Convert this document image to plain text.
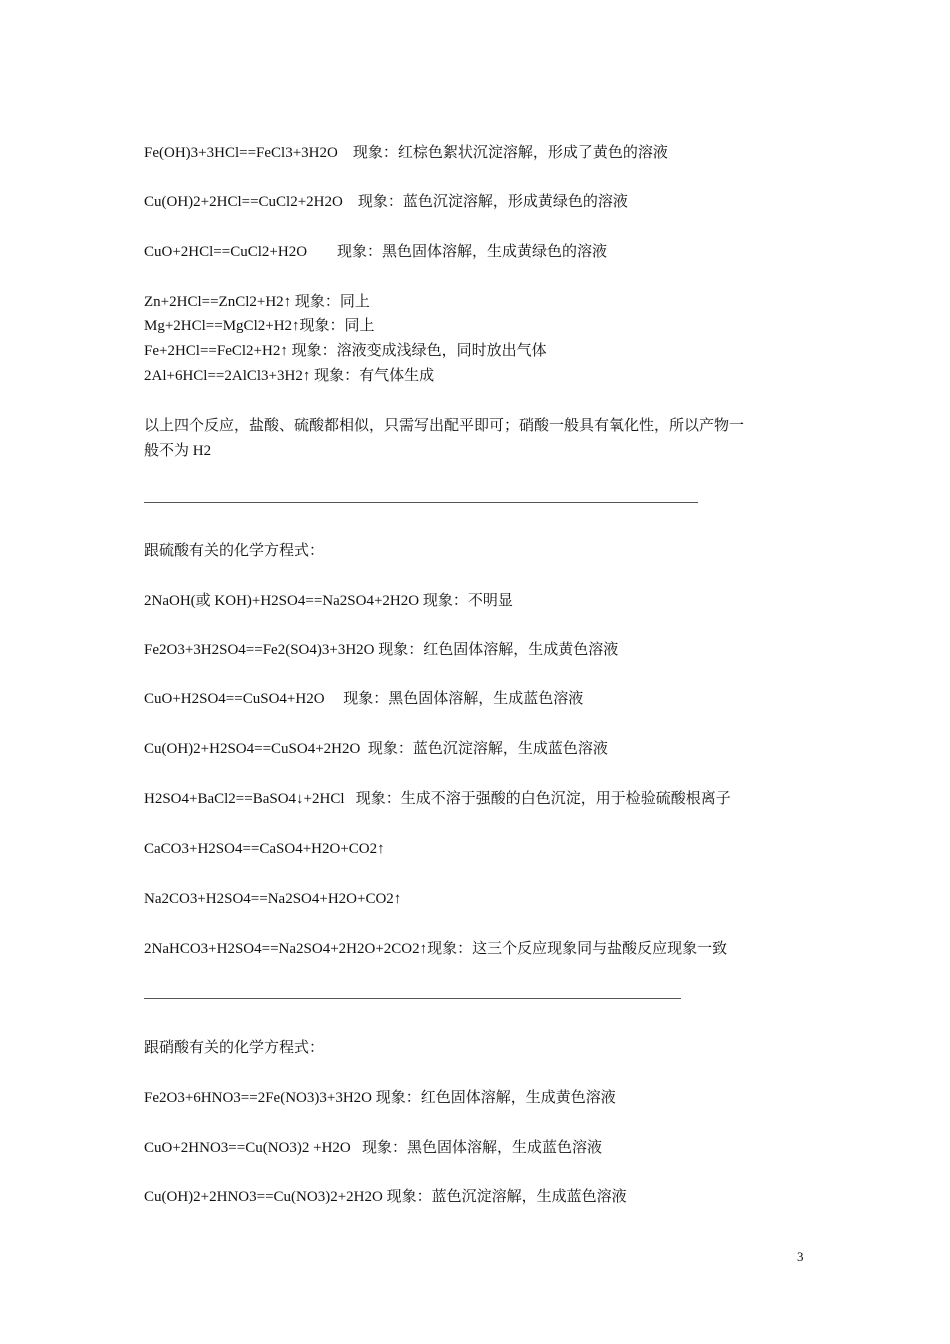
Fe(OH)3+3HCl==FeCl3+3H2O    现象：红棕色絮状沉淀溶解，形成了黄色的溶液
Cu(OH)2+2HCl==CuCl2+2H2O    现象：蓝色沉淀溶解，形成黄绿色的溶液
CuO+2HCl==CuCl2+H2O        现象：黑色固体溶解，生成黄绿色的溶液
Zn+2HCl==ZnCl2+H2↑ 现象：同上
Mg+2HCl==MgCl2+H2↑现象：同上
Fe+2HCl==FeCl2+H2↑ 现象：溶液变成浅绿色，同时放出气体
2Al+6HCl==2AlCl3+3H2↑ 现象：有气体生成
以上四个反应，盐酸、硫酸都相似，只需写出配平即可；硝酸一般具有氧化性，所以产物一
般不为 H2
跟硫酸有关的化学方程式：
2NaOH(或 KOH)+H2SO4==Na2SO4+2H2O 现象：不明显
Fe2O3+3H2SO4==Fe2(SO4)3+3H2O 现象：红色固体溶解，生成黄色溶液
CuO+H2SO4==CuSO4+H2O     现象：黑色固体溶解，生成蓝色溶液
Cu(OH)2+H2SO4==CuSO4+2H2O  现象：蓝色沉淀溶解，生成蓝色溶液
H2SO4+BaCl2==BaSO4↓+2HCl   现象：生成不溶于强酸的白色沉淀，用于检验硫酸根离子
CaCO3+H2SO4==CaSO4+H2O+CO2↑
Na2CO3+H2SO4==Na2SO4+H2O+CO2↑
2NaHCO3+H2SO4==Na2SO4+2H2O+2CO2↑现象：这三个反应现象同与盐酸反应现象一致
跟硝酸有关的化学方程式：
Fe2O3+6HNO3==2Fe(NO3)3+3H2O 现象：红色固体溶解，生成黄色溶液
CuO+2HNO3==Cu(NO3)2 +H2O   现象：黑色固体溶解，生成蓝色溶液
Cu(OH)2+2HNO3==Cu(NO3)2+2H2O 现象：蓝色沉淀溶解，生成蓝色溶液
3
